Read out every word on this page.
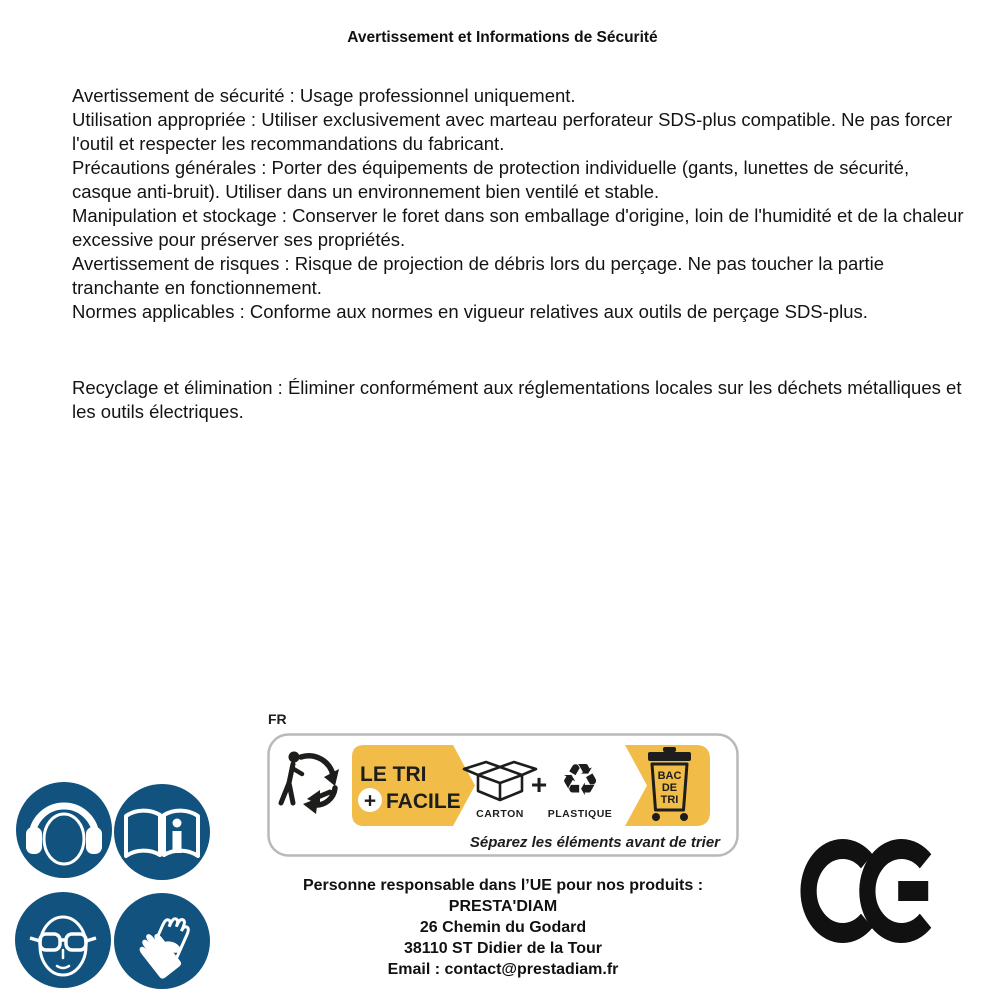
Avertissement et Informations de Sécurité

Avertissement de sécurité : Usage professionnel uniquement.

Utilisation appropriée : Utiliser exclusivement avec marteau perforateur SDS-plus compatible. Ne pas forcer l'outil et respecter les recommandations du fabricant.

Précautions générales : Porter des équipements de protection individuelle (gants, lunettes de sécurité, casque anti-bruit). Utiliser dans un environnement bien ventilé et stable.

Manipulation et stockage : Conserver le foret dans son emballage d'origine, loin de l'humidité et de la chaleur excessive pour préserver ses propriétés.

Avertissement de risques : Risque de projection de débris lors du perçage. Ne pas toucher la partie tranchante en fonctionnement.

Normes applicables : Conforme aux normes en vigueur relatives aux outils de perçage SDS-plus.

Recyclage et élimination : Éliminer conformément aux réglementations locales sur les déchets métalliques et les outils électriques.

FR
LE TRI
+ FACILE
CARTON
+ ♻
PLASTIQUE
BAC
DE
TRI
Séparez les éléments avant de trier

Personne responsable dans l’UE pour nos produits :

PRESTA'DIAM

26 Chemin du Godard

38110 ST Didier de la Tour

Email : contact@prestadiam.fr
